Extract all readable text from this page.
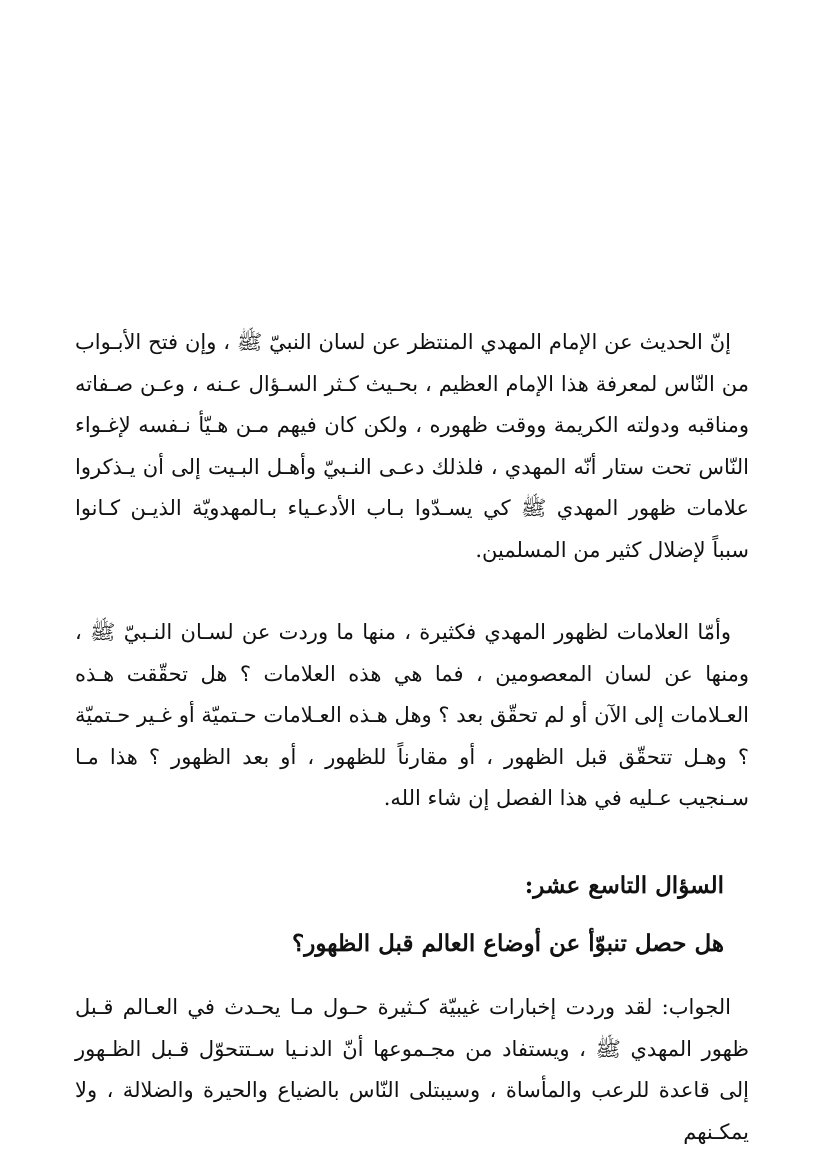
إنّ الحديث عن الإمام المهدي المنتظر عن لسان النبيّ ﷺ ، وإن فتح الأبـواب من النّاس لمعرفة هذا الإمام العظيم ، بحـيث كـثر السـؤال عـنه ، وعـن صـفاته ومناقبه ودولته الكريمة ووقت ظهوره ، ولكن كان فيهم مـن هـيّأ نـفسه لإغـواء النّاس تحت ستار أنّه المهدي ، فلذلك دعـى النـبيّ وأهـل البـيت إلى أن يـذكروا علامات ظهور المهدي ﷺ كي يسـدّوا بـاب الأدعـياء بـالمهدويّة الذيـن كـانوا سبباً لإضلال كثير من المسلمين.

وأمّا العلامات لظهور المهدي فكثيرة ، منها ما وردت عن لسـان النـبيّ ﷺ ، ومنها عن لسان المعصومين ، فما هي هذه العلامات ؟ هل تحقّقت هـذه العـلامات إلى الآن أو لم تحقّق بعد ؟ وهل هـذه العـلامات حـتميّة أو غـير حـتميّة ؟ وهـل تتحقّق قبل الظهور ، أو مقارناً للظهور ، أو بعد الظهور ؟ هذا مـا سـنجيب عـليه في هذا الفصل إن شاء الله.

السؤال التاسع عشر:
هل حصل تنبوّأ عن أوضاع العالم قبل الظهور؟

الجواب: لقد وردت إخبارات غيبيّة كـثيرة حـول مـا يحـدث في العـالم قـبل ظهور المهدي ﷺ ، ويستفاد من مجـموعها أنّ الدنـيا سـتتحوّل قـبل الظـهور إلى قاعدة للرعب والمأساة ، وسيبتلى النّاس بالضياع والحيرة والضلالة ، ولا يمكـنهم
